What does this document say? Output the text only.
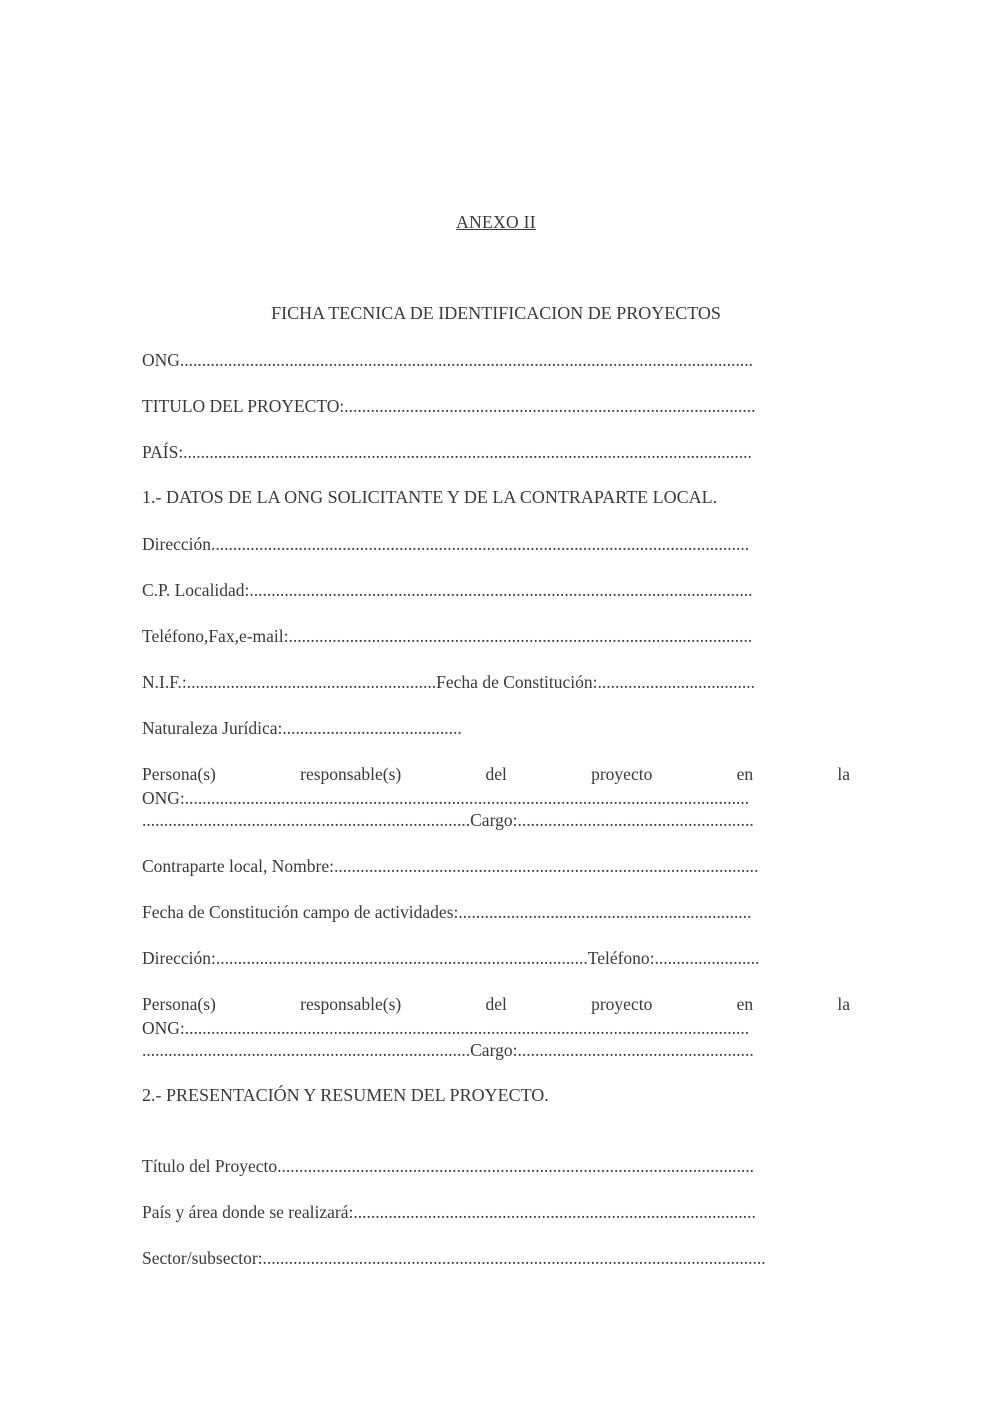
ANEXO II
FICHA TECNICA DE IDENTIFICACION DE PROYECTOS
ONG...................................................................................................................................
TITULO DEL PROYECTO:..............................................................................................
PAÍS:..................................................................................................................................
1.- DATOS DE LA ONG SOLICITANTE Y DE LA CONTRAPARTE LOCAL.
Dirección...........................................................................................................................
C.P. Localidad:...................................................................................................................
Teléfono,Fax,e-mail:..........................................................................................................
N.I.F.:.........................................................Fecha de Constitución:....................................
Naturaleza Jurídica:.........................................
Persona(s)	responsable(s)	del	proyecto	en	la
ONG:.................................................................................................................................
...........................................................................Cargo:......................................................
Contraparte local, Nombre:.................................................................................................
Fecha de Constitución campo de actividades:...................................................................
Dirección:.....................................................................................Teléfono:........................
Persona(s)	responsable(s)	del	proyecto	en	la
ONG:.................................................................................................................................
...........................................................................Cargo:......................................................
2.- PRESENTACIÓN Y RESUMEN DEL PROYECTO.
Título del Proyecto.............................................................................................................
País y área donde se realizará:............................................................................................
Sector/subsector:...................................................................................................................
